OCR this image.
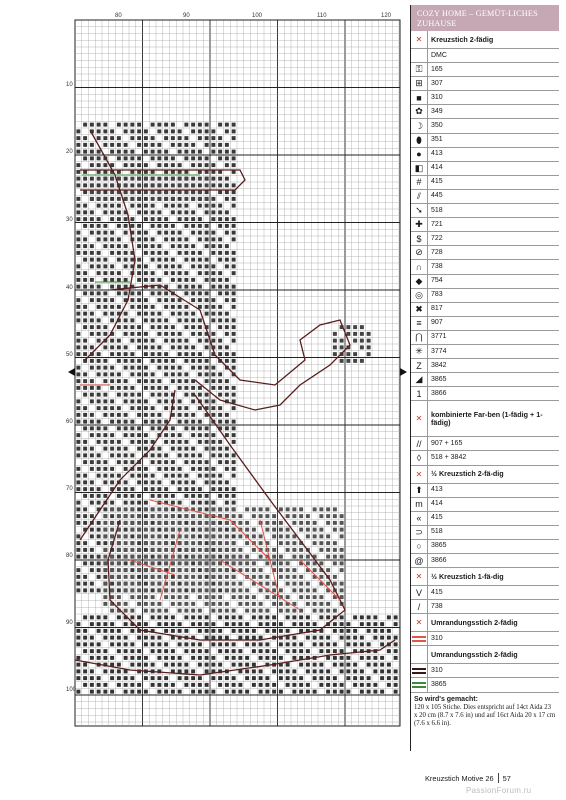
80	90	100	110	120
10
20
30
40
50
60
70
80
90
100
COZY HOME – GEMÜT-LICHES ZUHAUSE
✕	Kreuzstich 2-fädig
DMC
⚿	165
⊞	307
■	310
✿	349
☽	350
⬮	351
●	413
◧	414
#	415
⫽	445
➘	518
✚	721
$	722
⊘	728
∩	738
◆	754
◎	783
✖	817
≡	907
⋂	3771
✳	3774
Z	3842
◢	3865
1	3866
✕	kombinierte Far-ben (1-fädig + 1-fädig)
//	907 + 165
◊	518 + 3842
✕	½ Kreuzstich 2-fä-dig
⬆	413
m	414
«	415
⊃	518
○	3865
@	3866
✕	½ Kreuzstich 1-fä-dig
V	415
/	738
✕	Umrandungsstich 2-fädig
310
Umrandungsstich 2-fädig
310
3865
So wird's gemacht:
120 x 105 Stiche. Dies entspricht auf 14ct Aida 23 x 20 cm (8.7 x 7.6 in) und auf 16ct Aida 20 x 17 cm (7.6 x 6.6 in).
Kreuzstich Motive 26 57
PassionForum.ru
